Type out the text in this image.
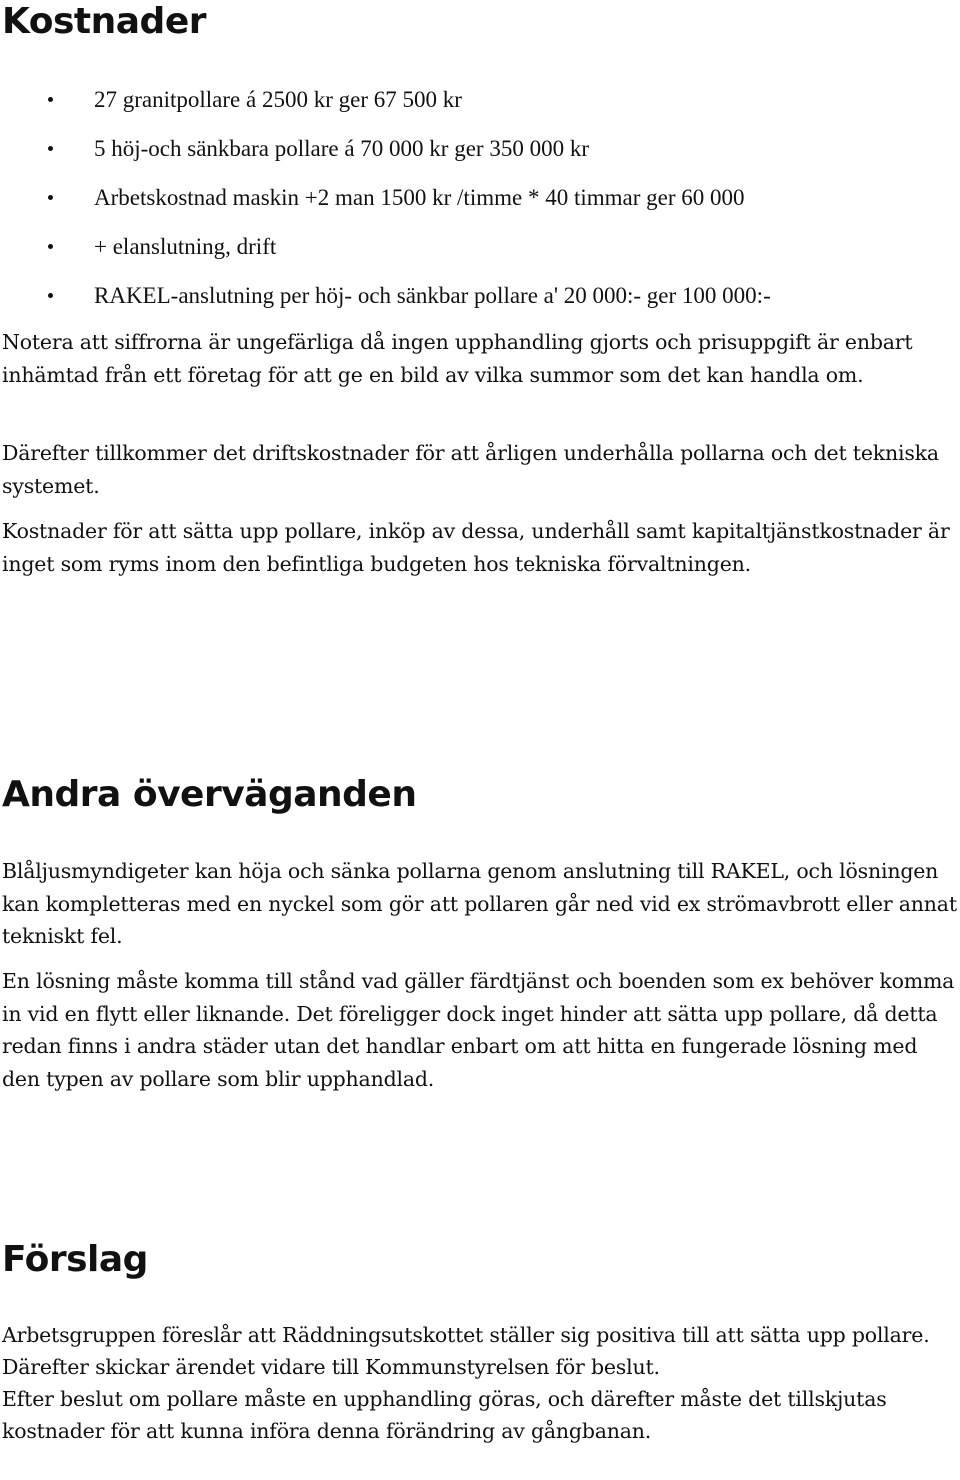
Kostnader
27 granitpollare á 2500 kr ger 67 500 kr
5 höj-och sänkbara pollare á 70 000 kr ger 350 000 kr
Arbetskostnad maskin +2 man 1500 kr /timme * 40 timmar ger 60 000
+ elanslutning, drift
RAKEL-anslutning per höj- och sänkbar pollare a' 20 000:- ger 100 000:-

Notera att siffrorna är ungefärliga då ingen upphandling gjorts och prisuppgift är enbart inhämtad från ett företag för att ge en bild av vilka summor som det kan handla om.

Därefter tillkommer det driftskostnader för att årligen underhålla pollarna och det tekniska systemet.

Kostnader för att sätta upp pollare, inköp av dessa, underhåll samt kapitaltjänstkostnader är inget som ryms inom den befintliga budgeten hos tekniska förvaltningen.

Andra överväganden

Blåljusmyndigeter kan höja och sänka pollarna genom anslutning till RAKEL, och lösningen kan kompletteras med en nyckel som gör att pollaren går ned vid ex strömavbrott eller annat tekniskt fel.

En lösning måste komma till stånd vad gäller färdtjänst och boenden som ex behöver komma in vid en flytt eller liknande. Det föreligger dock inget hinder att sätta upp pollare, då detta redan finns i andra städer utan det handlar enbart om att hitta en fungerade lösning med den typen av pollare som blir upphandlad.

Förslag

Arbetsgruppen föreslår att Räddningsutskottet ställer sig positiva till att sätta upp pollare.

Därefter skickar ärendet vidare till Kommunstyrelsen för beslut.

Efter beslut om pollare måste en upphandling göras, och därefter måste det tillskjutas kostnader för att kunna införa denna förändring av gångbanan.
